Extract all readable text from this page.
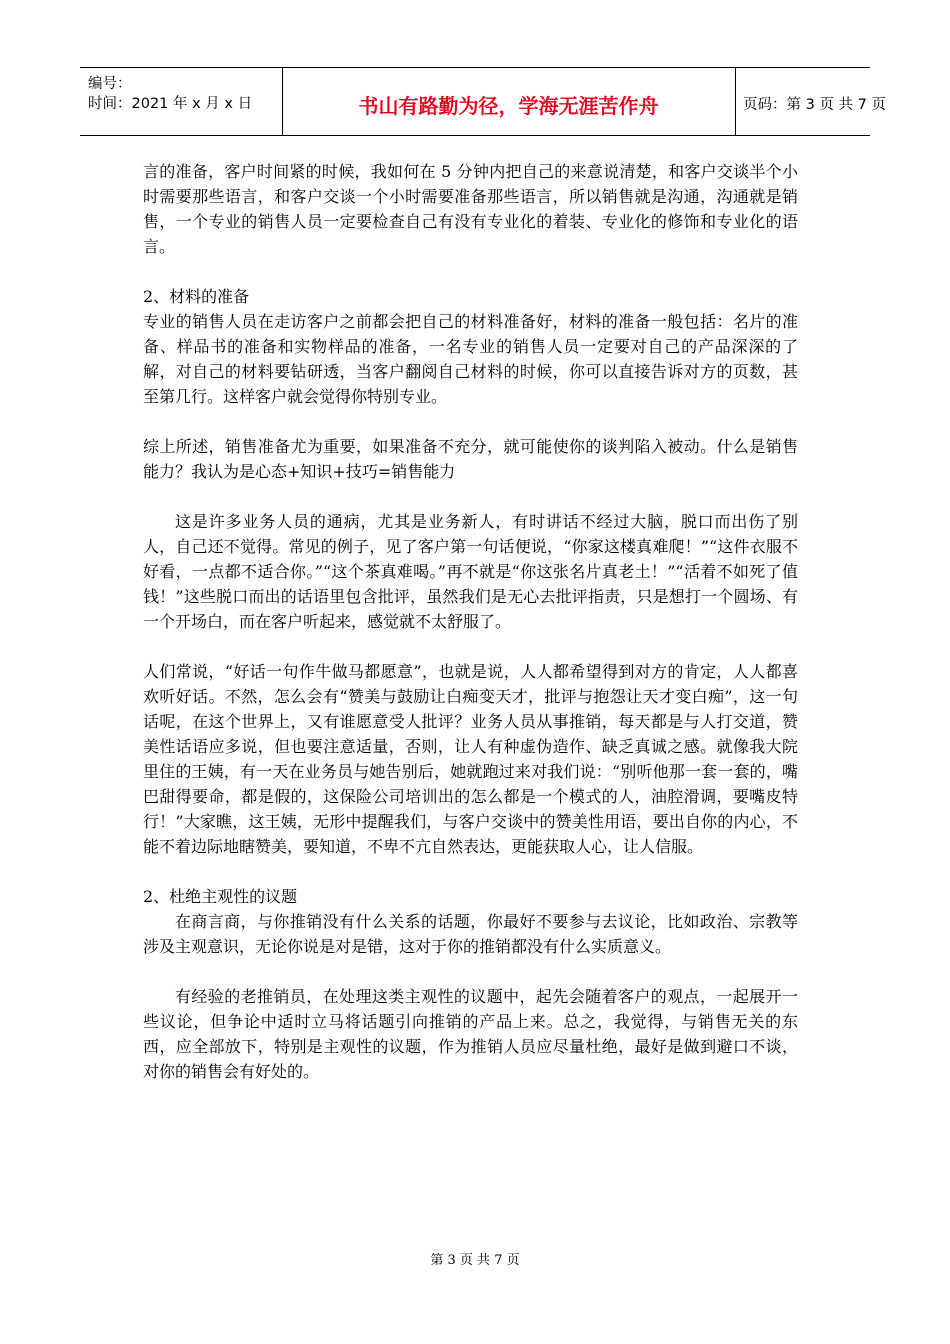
编号：
时间：2021 年 x 月 x 日	书山有路勤为径，学海无涯苦作舟	页码：第 3 页 共 7 页

言的准备，客户时间紧的时候，我如何在 5 分钟内把自己的来意说清楚，和客户交谈半个小时需要那些语言，和客户交谈一个小时需要准备那些语言，所以销售就是沟通，沟通就是销售，一个专业的销售人员一定要检查自己有没有专业化的着装、专业化的修饰和专业化的语言。

2、材料的准备

专业的销售人员在走访客户之前都会把自己的材料准备好，材料的准备一般包括：名片的准备、样品书的准备和实物样品的准备，一名专业的销售人员一定要对自己的产品深深的了解，对自己的材料要钻研透，当客户翻阅自己材料的时候，你可以直接告诉对方的页数，甚至第几行。这样客户就会觉得你特别专业。

综上所述，销售准备尤为重要，如果准备不充分，就可能使你的谈判陷入被动。什么是销售能力？我认为是心态+知识+技巧=销售能力

这是许多业务人员的通病，尤其是业务新人，有时讲话不经过大脑，脱口而出伤了别人，自己还不觉得。常见的例子，见了客户第一句话便说，“你家这楼真难爬！”“这件衣服不好看，一点都不适合你。”“这个茶真难喝。”再不就是“你这张名片真老土！”“活着不如死了值钱！”这些脱口而出的话语里包含批评，虽然我们是无心去批评指责，只是想打一个圆场、有一个开场白，而在客户听起来，感觉就不太舒服了。

人们常说，“好话一句作牛做马都愿意”，也就是说，人人都希望得到对方的肯定，人人都喜欢听好话。不然，怎么会有“赞美与鼓励让白痴变天才，批评与抱怨让天才变白痴”，这一句话呢，在这个世界上，又有谁愿意受人批评？业务人员从事推销，每天都是与人打交道，赞美性话语应多说，但也要注意适量，否则，让人有种虚伪造作、缺乏真诚之感。就像我大院里住的王姨，有一天在业务员与她告别后，她就跑过来对我们说：“别听他那一套一套的，嘴巴甜得要命，都是假的，这保险公司培训出的怎么都是一个模式的人，油腔滑调，要嘴皮特行！”大家瞧，这王姨，无形中提醒我们，与客户交谈中的赞美性用语，要出自你的内心，不能不着边际地瞎赞美，要知道，不卑不亢自然表达，更能获取人心，让人信服。

2、杜绝主观性的议题

在商言商，与你推销没有什么关系的话题，你最好不要参与去议论，比如政治、宗教等涉及主观意识，无论你说是对是错，这对于你的推销都没有什么实质意义。

有经验的老推销员，在处理这类主观性的议题中，起先会随着客户的观点，一起展开一些议论，但争论中适时立马将话题引向推销的产品上来。总之，我觉得，与销售无关的东西，应全部放下，特别是主观性的议题，作为推销人员应尽量杜绝，最好是做到避口不谈，对你的销售会有好处的。

第 3 页 共 7 页
